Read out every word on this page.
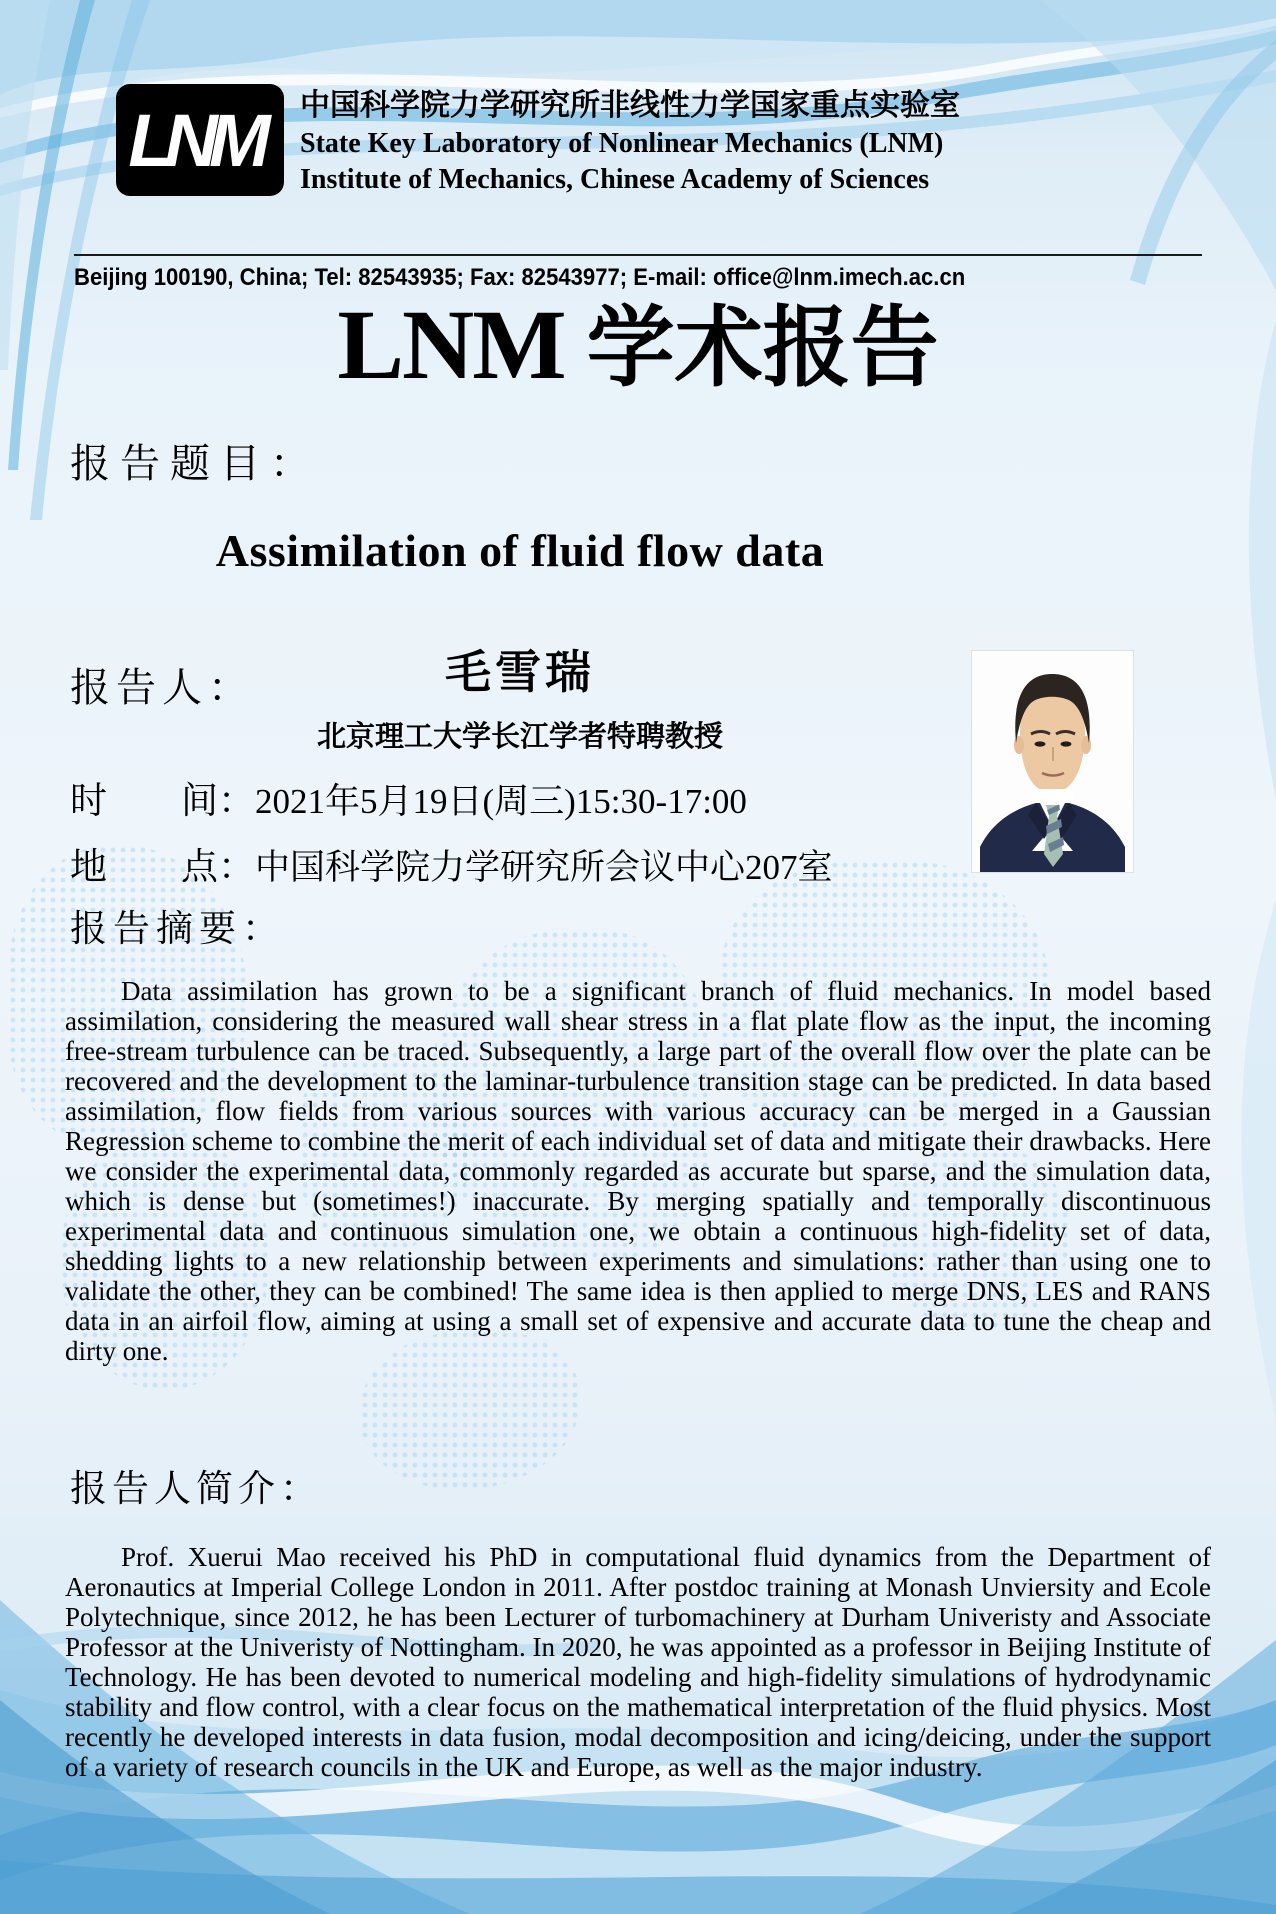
LNM	中国科学院力学研究所非线性力学国家重点实验室
State Key Laboratory of Nonlinear Mechanics (LNM)
Institute of Mechanics, Chinese Academy of Sciences
Beijing 100190, China; Tel: 82543935; Fax: 82543977; E-mail: office@lnm.imech.ac.cn
LNM 学术报告
报告题目：
Assimilation of fluid flow data
报告人：	毛雪瑞
北京理工大学长江学者特聘教授
时　　间：2021年5月19日(周三)15:30-17:00
地　　点：中国科学院力学研究所会议中心207室
报告摘要：

Data assimilation has grown to be a significant branch of fluid mechanics. In model based assimilation, considering the measured wall shear stress in a flat plate flow as the input, the incoming free-stream turbulence can be traced. Subsequently, a large part of the overall flow over the plate can be recovered and the development to the laminar-turbulence transition stage can be predicted. In data based assimilation, flow fields from various sources with various accuracy can be merged in a Gaussian Regression scheme to combine the merit of each individual set of data and mitigate their drawbacks. Here we consider the experimental data, commonly regarded as accurate but sparse, and the simulation data, which is dense but (sometimes!) inaccurate. By merging spatially and temporally discontinuous experimental data and continuous simulation one, we obtain a continuous high-fidelity set of data, shedding lights to a new relationship between experiments and simulations: rather than using one to validate the other, they can be combined! The same idea is then applied to merge DNS, LES and RANS data in an airfoil flow, aiming at using a small set of expensive and accurate data to tune the cheap and dirty one.

报告人简介：

Prof. Xuerui Mao received his PhD in computational fluid dynamics from the Department of Aeronautics at Imperial College London in 2011. After postdoc training at Monash Unviersity and Ecole Polytechnique, since 2012, he has been Lecturer of turbomachinery at Durham Univeristy and Associate Professor at the Univeristy of Nottingham. In 2020, he was appointed as a professor in Beijing Institute of Technology. He has been devoted to numerical modeling and high-fidelity simulations of hydrodynamic stability and flow control, with a clear focus on the mathematical interpretation of the fluid physics. Most recently he developed interests in data fusion, modal decomposition and icing/deicing, under the support of a variety of research councils in the UK and Europe, as well as the major industry.
